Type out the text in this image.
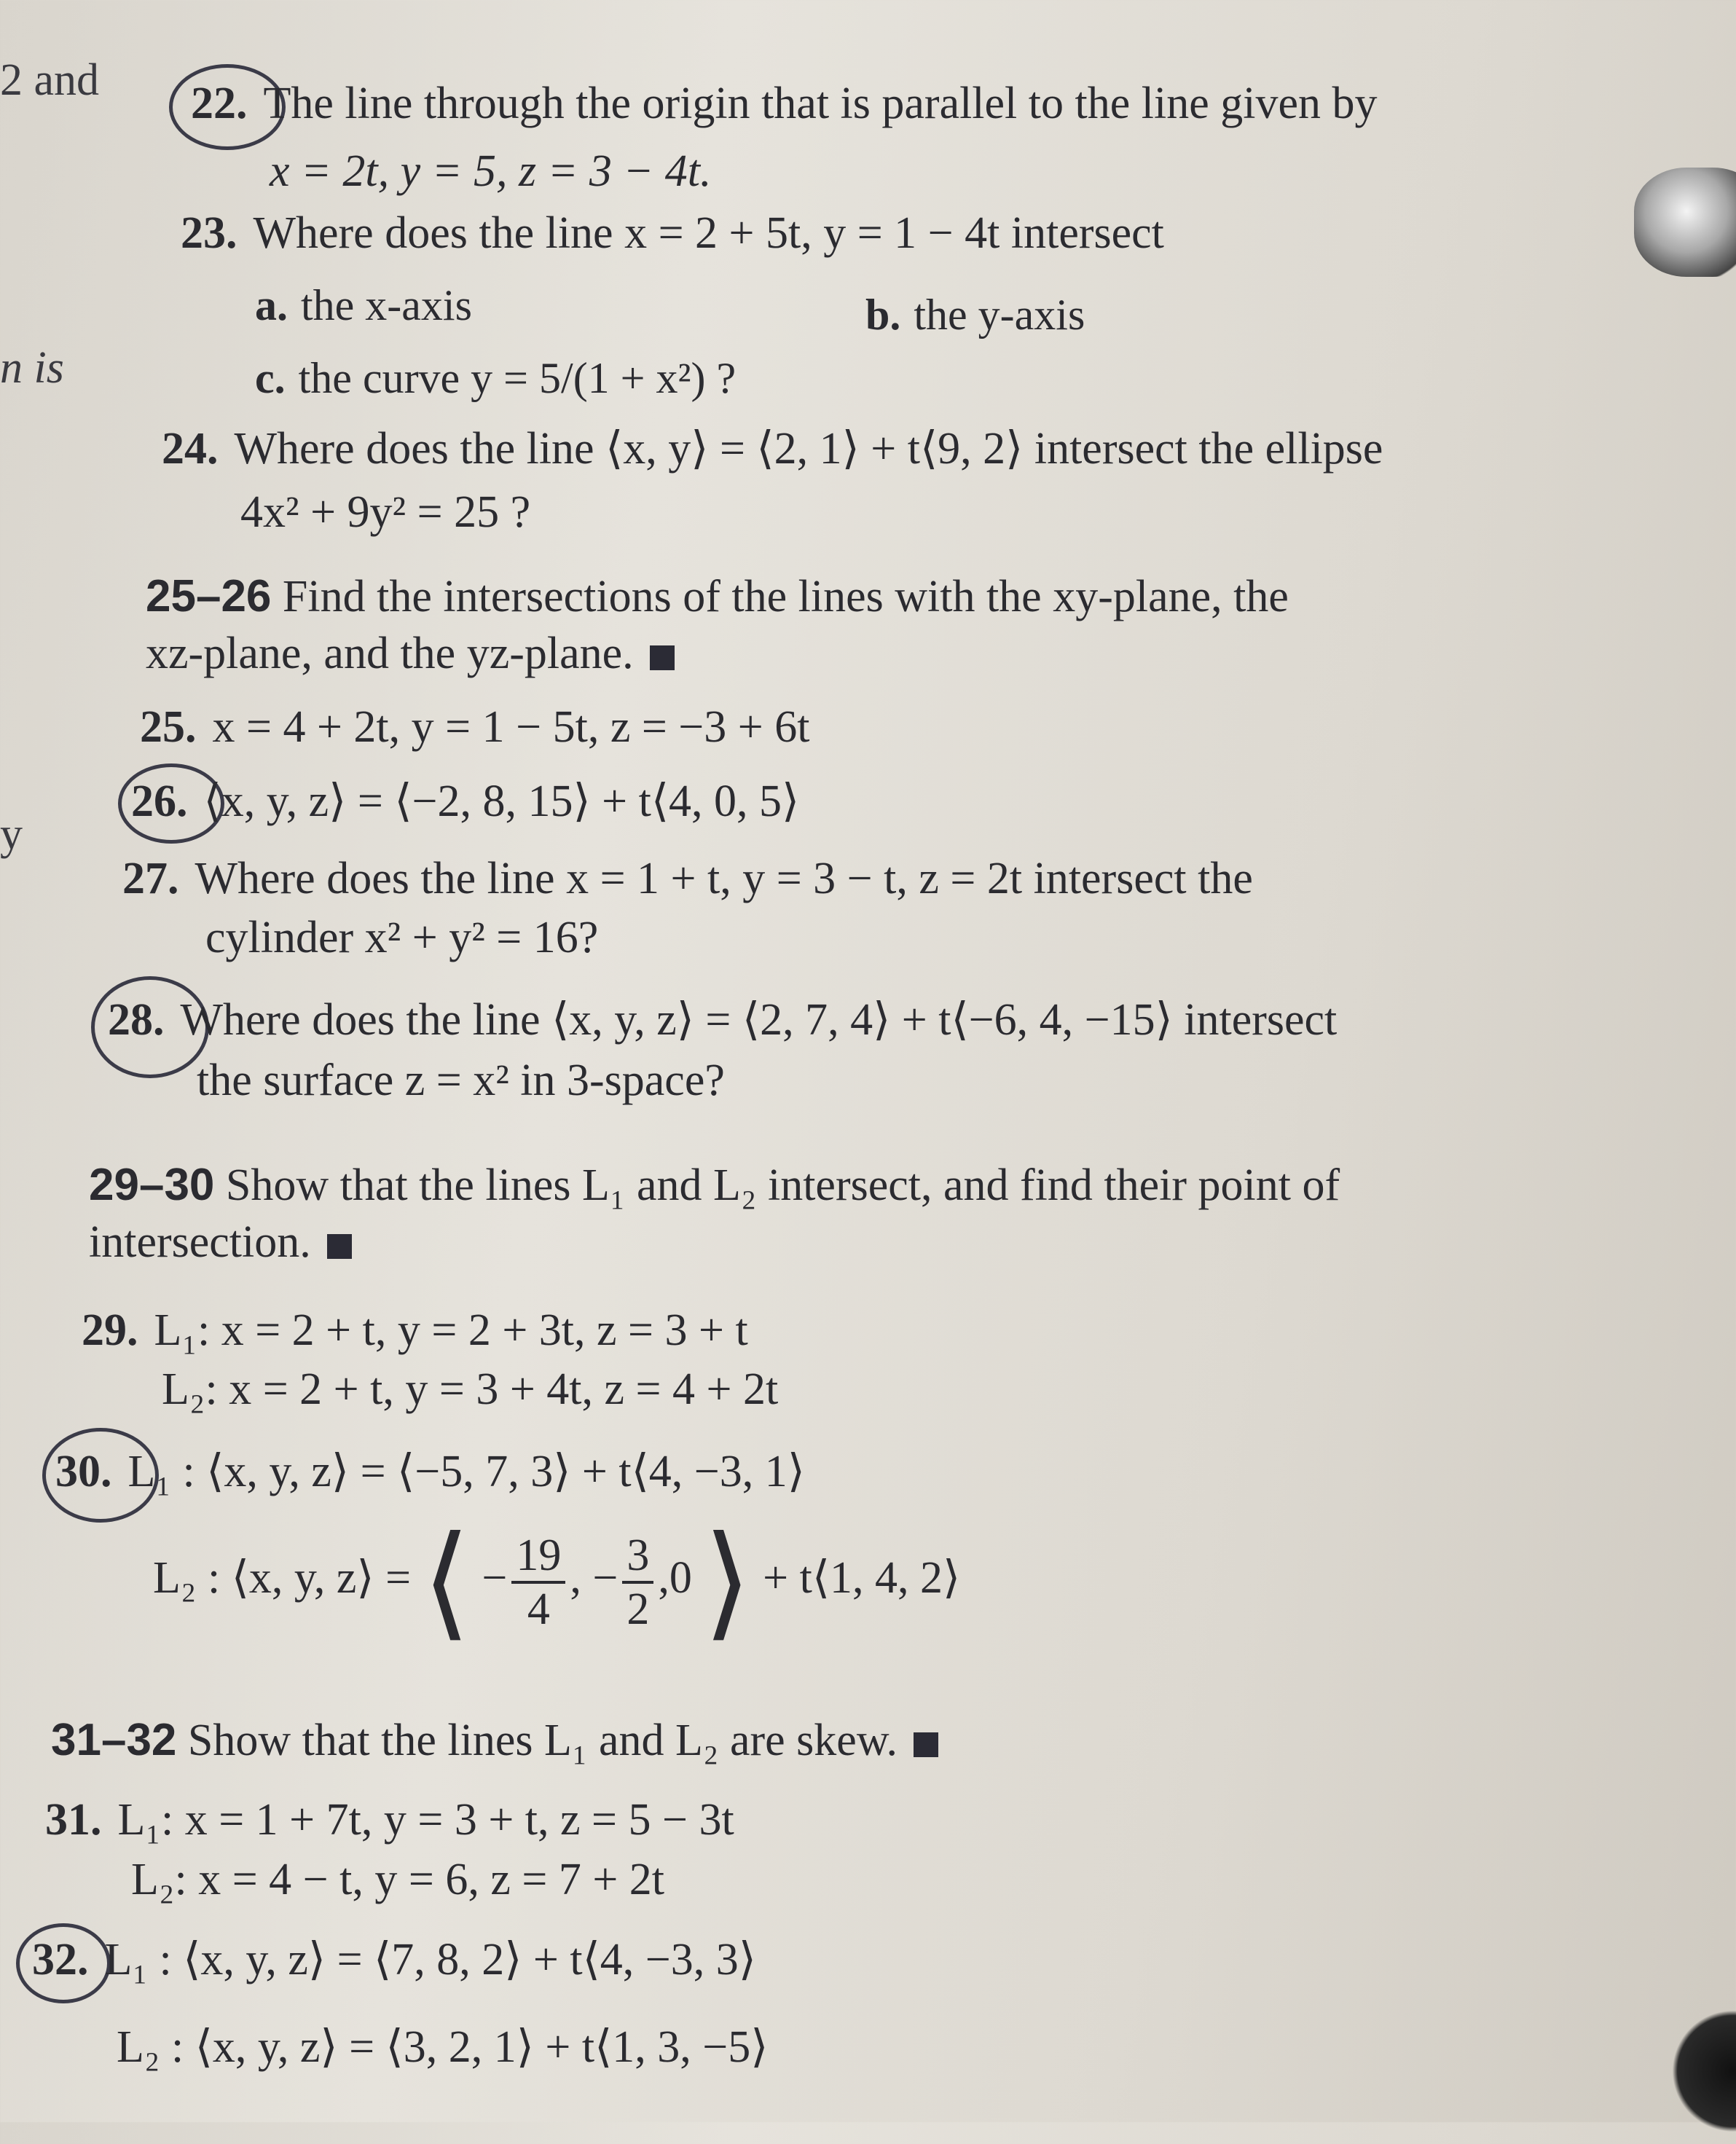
2 and
n is
y
22. The line through the origin that is parallel to the line given by
x = 2t, y = 5, z = 3 − 4t.
23. Where does the line x = 2 + 5t, y = 1 − 4t intersect
a. the x-axis	b. the y-axis
c. the curve y = 5/(1 + x²) ?
24. Where does the line ⟨x, y⟩ = ⟨2, 1⟩ + t⟨9, 2⟩ intersect the ellipse
4x² + 9y² = 25 ?
25–26 Find the intersections of the lines with the xy-plane, the
xz-plane, and the yz-plane.
25. x = 4 + 2t, y = 1 − 5t, z = −3 + 6t
26. ⟨x, y, z⟩ = ⟨−2, 8, 15⟩ + t⟨4, 0, 5⟩
27. Where does the line x = 1 + t, y = 3 − t, z = 2t intersect the
cylinder x² + y² = 16?
28. Where does the line ⟨x, y, z⟩ = ⟨2, 7, 4⟩ + t⟨−6, 4, −15⟩ intersect
the surface z = x² in 3-space?
29–30 Show that the lines L₁ and L₂ intersect, and find their point of
intersection.
29. L₁: x = 2 + t, y = 2 + 3t, z = 3 + t
L₂: x = 2 + t, y = 3 + 4t, z = 4 + 2t
30. L₁ : ⟨x, y, z⟩ = ⟨−5, 7, 3⟩ + t⟨4, −3, 1⟩
L₂ : ⟨x, y, z⟩ = ⟨ − $\frac{19}{4}$ , − $\frac{3}{2} ,0$ ⟩ + t⟨1, 4, 2⟩
31–32 Show that the lines L₁ and L₂ are skew.
31. L₁: x = 1 + 7t, y = 3 + t, z = 5 − 3t
L₂: x = 4 − t, y = 6, z = 7 + 2t
32. L₁ : ⟨x, y, z⟩ = ⟨7, 8, 2⟩ + t⟨4, −3, 3⟩
L₂ : ⟨x, y, z⟩ = ⟨3, 2, 1⟩ + t⟨1, 3, −5⟩
